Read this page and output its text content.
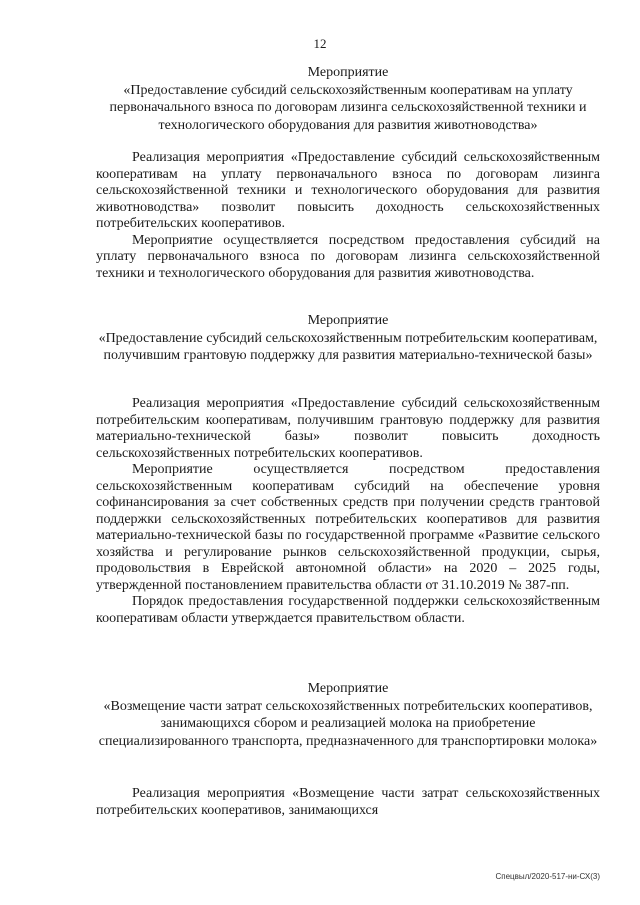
12
Мероприятие
«Предоставление субсидий сельскохозяйственным кооперативам на уплату первоначального взноса по договорам лизинга сельскохозяйственной техники и технологического оборудования для развития животноводства»

Реализация мероприятия «Предоставление субсидий сельскохозяйственным кооперативам на уплату первоначального взноса по договорам лизинга сельскохозяйственной техники и технологического оборудования для развития животноводства» позволит повысить доходность сельскохозяйственных потребительских кооперативов.

Мероприятие осуществляется посредством предоставления субсидий на уплату первоначального взноса по договорам лизинга сельскохозяйственной техники и технологического оборудования для развития животноводства.

Мероприятие
«Предоставление субсидий сельскохозяйственным потребительским кооперативам, получившим грантовую поддержку для развития материально-технической базы»

Реализация мероприятия «Предоставление субсидий сельскохозяйственным потребительским кооперативам, получившим грантовую поддержку для развития материально-технической базы» позволит повысить доходность сельскохозяйственных потребительских кооперативов.

Мероприятие осуществляется посредством предоставления сельскохозяйственным кооперативам субсидий на обеспечение уровня софинансирования за счет собственных средств при получении средств грантовой поддержки сельскохозяйственных потребительских кооперативов для развития материально-технической базы по государственной программе «Развитие сельского хозяйства и регулирование рынков сельскохозяйственной продукции, сырья, продовольствия в Еврейской автономной области» на 2020 – 2025 годы, утвержденной постановлением правительства области от 31.10.2019 № 387-пп.

Порядок предоставления государственной поддержки сельскохозяйственным кооперативам области утверждается правительством области.

Мероприятие
«Возмещение части затрат сельскохозяйственных потребительских кооперативов, занимающихся сбором и реализацией молока на приобретение специализированного транспорта, предназначенного для транспортировки молока»

Реализация мероприятия «Возмещение части затрат сельскохозяйственных потребительских кооперативов, занимающихся

Спецвыл/2020-517-ни-СХ(3)
